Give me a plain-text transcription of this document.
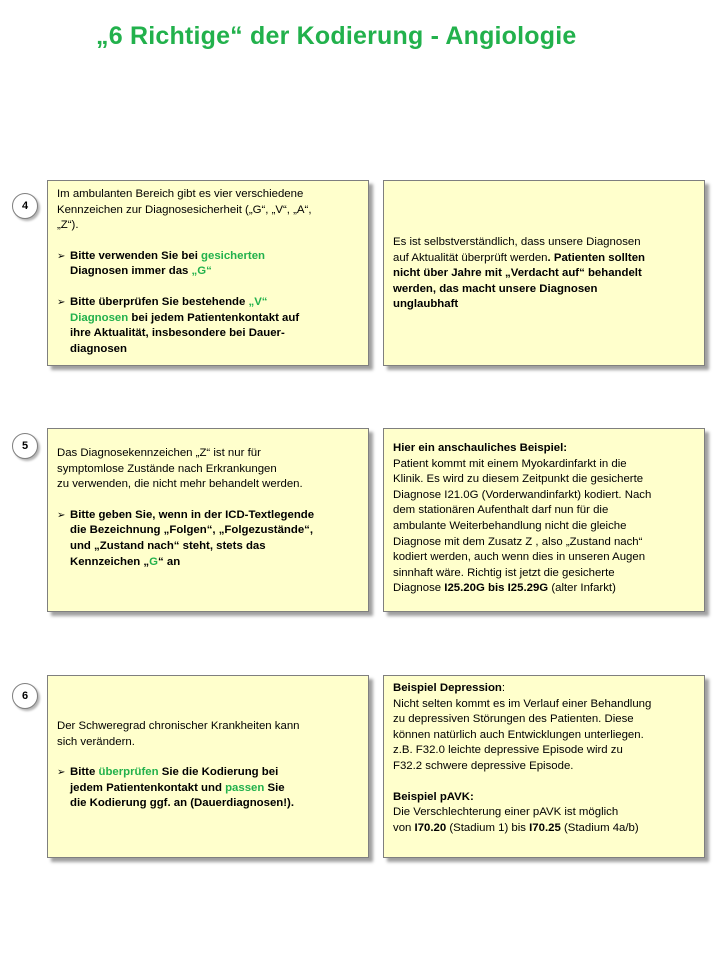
„6 Richtige“ der Kodierung - Angiologie
4

Im ambulanten Bereich gibt es vier verschiedene
Kennzeichen zur Diagnosesicherheit („G“, „V“, „A“,
„Z“).

➢ Bitte verwenden Sie bei gesicherten

Diagnosen immer das „G“

➢ Bitte überprüfen Sie bestehende „V“

Diagnosen bei jedem Patientenkontakt auf

ihre Aktualität, insbesondere bei Dauer-

diagnosen

Es ist selbstverständlich, dass unsere Diagnosen

auf Aktualität überprüft werden. Patienten sollten

nicht über Jahre mit „Verdacht auf“ behandelt

werden, das macht unsere Diagnosen

unglaubhaft

5

Das Diagnosekennzeichen „Z“ ist nur für

symptomlose Zustände nach Erkrankungen

zu verwenden, die nicht mehr behandelt werden.

➢ Bitte geben Sie, wenn in der ICD-Textlegende

die Bezeichnung „Folgen“, „Folgezustände“,

und „Zustand nach“ steht, stets das

Kennzeichen „G“ an

Hier ein anschauliches Beispiel:

Patient kommt mit einem Myokardinfarkt in die

Klinik. Es wird zu diesem Zeitpunkt die gesicherte

Diagnose I21.0G (Vorderwandinfarkt) kodiert. Nach

dem stationären Aufenthalt darf nun für die

ambulante Weiterbehandlung nicht die gleiche

Diagnose mit dem Zusatz Z , also „Zustand nach“

kodiert werden, auch wenn dies in unseren Augen

sinnhaft wäre. Richtig ist jetzt die gesicherte

Diagnose I25.20G bis I25.29G (alter Infarkt)

6

Der Schweregrad chronischer Krankheiten kann

sich verändern.

➢ Bitte überprüfen Sie die Kodierung bei

jedem Patientenkontakt und passen Sie

die Kodierung ggf. an (Dauerdiagnosen!).

Beispiel Depression:

Nicht selten kommt es im Verlauf einer Behandlung

zu depressiven Störungen des Patienten. Diese

können natürlich auch Entwicklungen unterliegen.

z.B. F32.0 leichte depressive Episode wird zu

F32.2 schwere depressive Episode.

Beispiel pAVK:

Die Verschlechterung einer pAVK ist möglich

von I70.20 (Stadium 1) bis I70.25 (Stadium 4a/b)
